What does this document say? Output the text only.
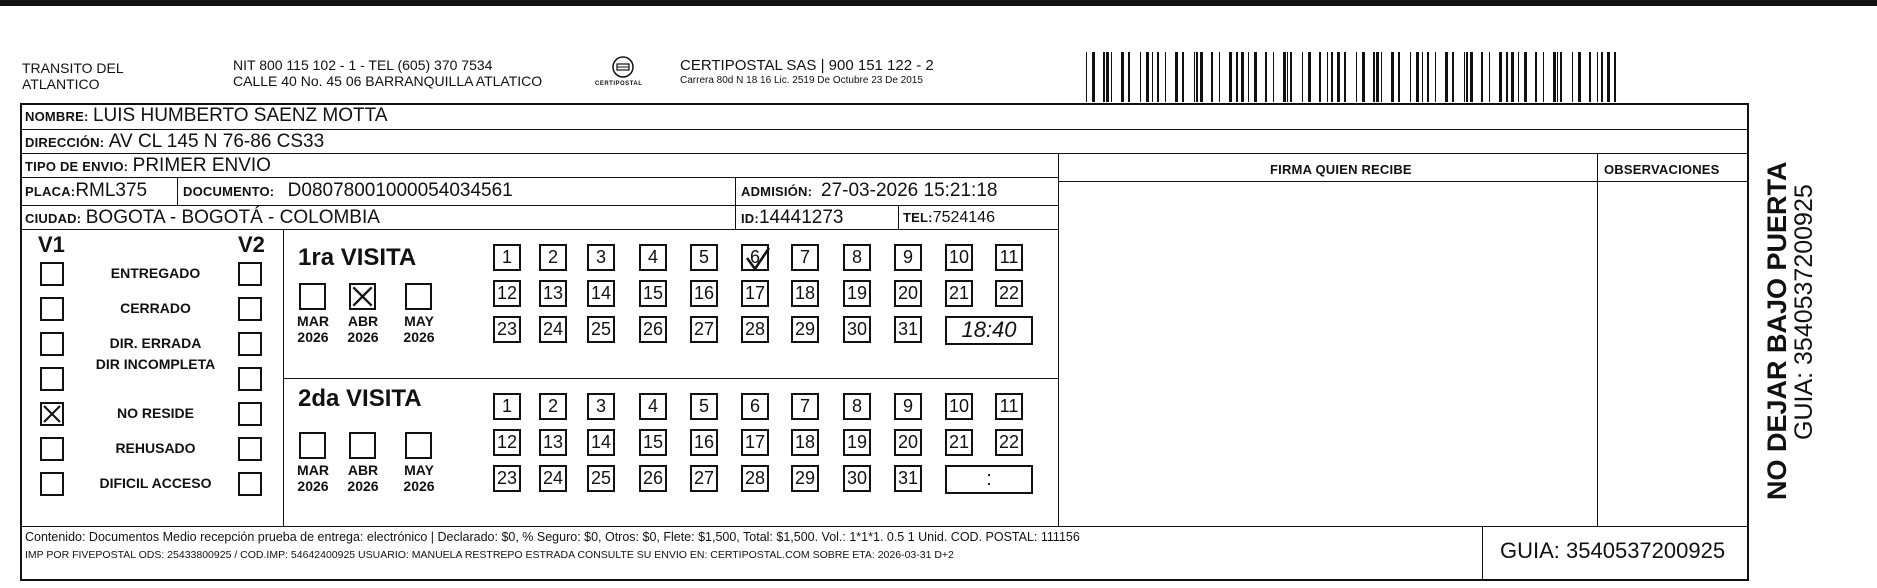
TRANSITO DEL
ATLANTICO
NIT 800 115 102 - 1 - TEL (605) 370 7534
CALLE 40 No. 45 06 BARRANQUILLA ATLATICO	CERTIPOSTAL
CERTIPOSTAL SAS | 900 151 122 - 2
Carrera 80d N 18 16 Lic. 2519 De Octubre 23 De 2015
NOMBRE: LUIS HUMBERTO SAENZ MOTTA
DIRECCIÓN: AV CL 145 N 76-86 CS33
TIPO DE ENVIO: PRIMER ENVIO	FIRMA QUIEN RECIBE	OBSERVACIONES
PLACA:RML375	DOCUMENTO: D08078001000054034561	ADMISIÓN: 27-03-2026 15:21:18
CIUDAD: BOGOTA - BOGOTÁ - COLOMBIA	ID:14441273	TEL:7524146
V1	V2 1ra VISITA
2da VISITA
Contenido: Documentos Medio recepción prueba de entrega: electrónico | Declarado: $0, % Seguro: $0, Otros: $0, Flete: $1,500, Total: $1,500. Vol.: 1*1*1. 0.5 1 Unid. COD. POSTAL: 111156
IMP POR FIVEPOSTAL ODS: 25433800925 / COD.IMP: 54642400925 USUARIO: MANUELA RESTREPO ESTRADA CONSULTE SU ENVIO EN: CERTIPOSTAL.COM SOBRE ETA: 2026-03-31 D+2	GUIA: 3540537200925
NO DEJAR BAJO PUERTA
GUIA: 3540537200925
ENTREGADO
CERRADO
DIR. ERRADA
DIR INCOMPLETA
NO RESIDE
REHUSADO
DIFICIL ACCESO
MAR
2026
ABR
2026
MAY
2026
1	2	3	4	5	6	7	8	9	10 11
12 13 14 15 16 17 18 19 20 21 22
23 24 25 26 27 28 29 30 31	18:40
MAR
2026
ABR
2026
MAY
2026
1	2	3	4	5	6	7	8	9	10 11
12 13 14 15 16 17 18 19 20 21 22
23 24 25 26 27 28 29 30 31	:
